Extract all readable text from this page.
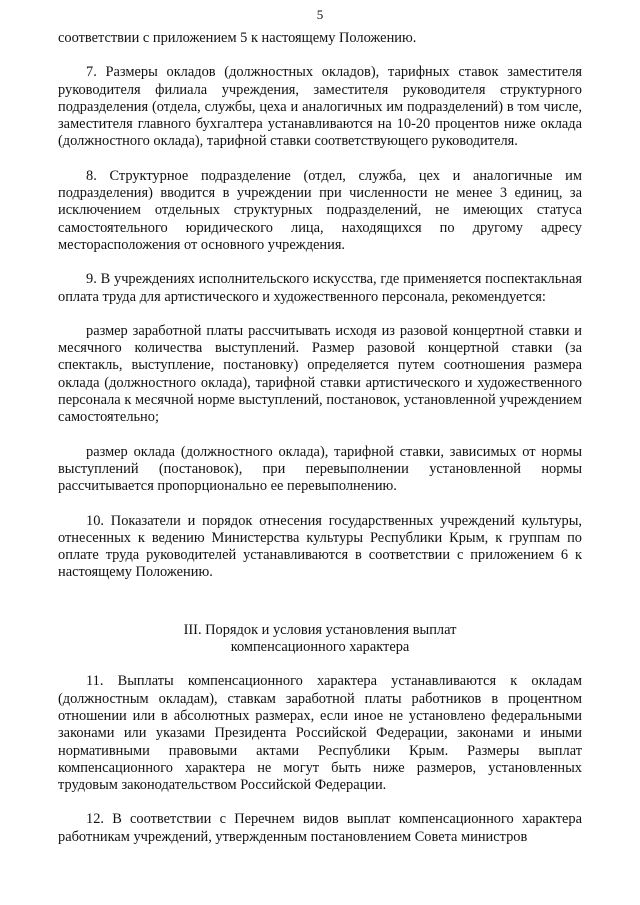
5

соответствии с приложением 5 к настоящему Положению.

7. Размеры окладов (должностных окладов), тарифных ставок заместителя руководителя филиала учреждения, заместителя руководителя структурного подразделения (отдела, службы, цеха и аналогичных им подразделений) в том числе, заместителя главного бухгалтера устанавливаются на 10-20 процентов ниже оклада (должностного оклада), тарифной ставки соответствующего руководителя.

8. Структурное подразделение (отдел, служба, цех и аналогичные им подразделения) вводится в учреждении при численности не менее 3 единиц, за исключением отдельных структурных подразделений, не имеющих статуса самостоятельного юридического лица, находящихся по другому адресу месторасположения от основного учреждения.

9. В учреждениях исполнительского искусства, где применяется поспектакльная оплата труда для артистического и художественного персонала, рекомендуется:

размер заработной платы рассчитывать исходя из разовой концертной ставки и месячного количества выступлений. Размер разовой концертной ставки (за спектакль, выступление, постановку) определяется путем соотношения размера оклада (должностного оклада), тарифной ставки артистического и художественного персонала к месячной норме выступлений, постановок, установленной учреждением самостоятельно;

размер оклада (должностного оклада), тарифной ставки, зависимых от нормы выступлений (постановок), при перевыполнении установленной нормы рассчитывается пропорционально ее перевыполнению.

10. Показатели и порядок отнесения государственных учреждений культуры, отнесенных к ведению Министерства культуры Республики Крым, к группам по оплате труда руководителей устанавливаются в соответствии с приложением 6 к настоящему Положению.

III. Порядок и условия установления выплат
компенсационного характера

11. Выплаты компенсационного характера устанавливаются к окладам (должностным окладам), ставкам заработной платы работников в процентном отношении или в абсолютных размерах, если иное не установлено федеральными законами или указами Президента Российской Федерации, законами и иными нормативными правовыми актами Республики Крым. Размеры выплат компенсационного характера не могут быть ниже размеров, установленных трудовым законодательством Российской Федерации.

12. В соответствии с Перечнем видов выплат компенсационного характера работникам учреждений, утвержденным постановлением Совета министров
